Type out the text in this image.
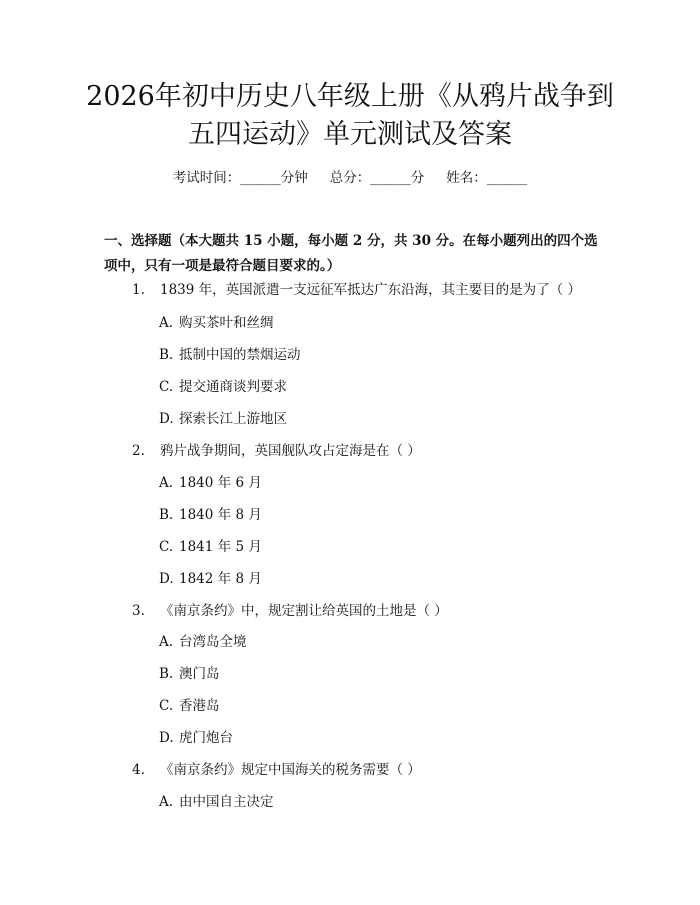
2026年初中历史八年级上册《从鸦片战争到
五四运动》单元测试及答案
考试时间：______分钟 总分：______分 姓名：______
一、选择题（本大题共 15 小题，每小题 2 分，共 30 分。在每小题列出的四个选
项中，只有一项是最符合题目要求的。）
1. 1839 年，英国派遣一支远征军抵达广东沿海，其主要目的是为了（ ）
A. 购买茶叶和丝绸
B. 抵制中国的禁烟运动
C. 提交通商谈判要求
D. 探索长江上游地区
2. 鸦片战争期间，英国舰队攻占定海是在（ ）
A. 1840 年 6 月
B. 1840 年 8 月
C. 1841 年 5 月
D. 1842 年 8 月
3. 《南京条约》中，规定割让给英国的土地是（ ）
A. 台湾岛全境
B. 澳门岛
C. 香港岛
D. 虎门炮台
4. 《南京条约》规定中国海关的税务需要（ ）
A. 由中国自主决定
